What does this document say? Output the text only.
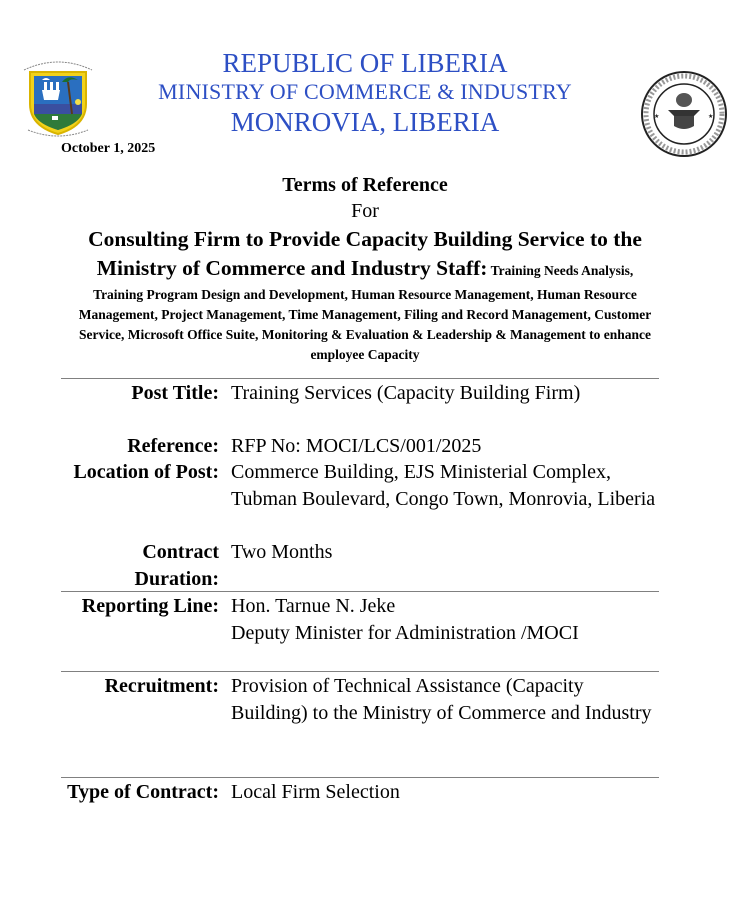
★	★
REPUBLIC OF LIBERIA
MINISTRY OF COMMERCE & INDUSTRY
MONROVIA, LIBERIA
October 1, 2025
Terms of Reference
For
Consulting Firm to Provide Capacity Building Service to the
Ministry of Commerce and Industry Staff: Training Needs Analysis,
Training Program Design and Development, Human Resource Management, Human Resource Management, Project Management, Time Management, Filing and Record Management, Customer Service, Microsoft Office Suite, Monitoring & Evaluation & Leadership & Management to enhance employee Capacity
Post Title: Training Services (Capacity Building Firm)
Reference: RFP No: MOCI/LCS/001/2025
Location of Post: Commerce Building, EJS Ministerial Complex, Tubman Boulevard, Congo Town, Monrovia, Liberia
Contract Duration:
Two Months
Reporting Line: Hon. Tarnue N. Jeke
Deputy Minister for Administration /MOCI
Recruitment: Provision of Technical Assistance (Capacity Building) to the Ministry of Commerce and Industry
Type of Contract: Local Firm Selection
